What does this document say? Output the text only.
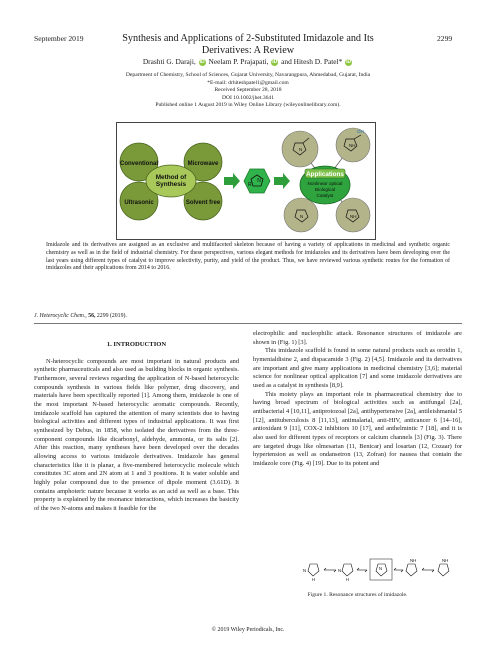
September 2019	Synthesis and Applications of 2-Substituted Imidazole and Its Derivatives: A Review
2299
Drashti G. Daraji, iD Neelam P. Prajapati, iD and Hitesh D. Patel* iD
Department of Chemistry, School of Sciences, Gujarat University, Navarangpura, Ahmedabad, Gujarat, India
*E-mail: drhiteshpatel1@gmail.com
Received September 28, 2018
DOI 10.1002/jhet.3641
Published online 1 August 2019 in Wiley Online Library (wileyonlinelibrary.com).
Conventional	Microwave
Ultrasonic	Solvent free
Method of
Synthesis	N
R
N
NH
N	NH
OH
Applications
Nonlinear optical
Biological
Catalyst
Imidazole and its derivatives are assigned as an exclusive and multifaceted skeleton because of having a variety of applications in medicinal and synthetic organic chemistry as well as in the field of industrial chemistry. For these perspectives, various elegant methods for imidazoles and its derivatives have been developing over the last years using different types of catalyst to improve selectivity, purity, and yield of the product. Thus, we have reviewed various synthetic routes for the formation of imidazoles and their applications from 2014 to 2016.
J. Heterocyclic Chem., 56, 2299 (2019).
1. INTRODUCTION

N-heterocyclic compounds are most important in natural products and synthetic pharmaceuticals and also used as building blocks in organic synthesis. Furthermore, several reviews regarding the application of N-based heterocyclic compounds synthesis in various fields like polymer, drug discovery, and materials have been specifically reported [1]. Among them, imidazole is one of the most important N-based heterocyclic aromatic compounds. Recently, imidazole scaffold has captured the attention of many scientists due to having biological activities and different types of industrial applications. It was first synthesized by Debus, in 1858, who isolated the derivatives from the three-component compounds like dicarbonyl, aldehyde, ammonia, or its salts [2]. After this reaction, many syntheses have been developed over the decades allowing access to various imidazole derivatives. Imidazole has general characteristics like it is planar, a five-membered heterocyclic molecule which constitutes 3C atom and 2N atom at 1 and 3 positions. It is water soluble and highly polar compound due to the presence of dipole moment (3.61D). It contains amphoteric nature because it works as an acid as well as a base. This property is explained by the resonance interactions, which increases the basicity of the two N-atoms and makes it feasible for the

electrophilic and nucleophilic attack. Resonance structures of imidazole are shown in (Fig. 1) [3].

This imidazole scaffold is found in some natural products such as oroidin 1, hymenialdisine 2, and dispacamide 3 (Fig. 2) [4,5]. Imidazole and its derivatives are important and give many applications in medicinal chemistry [3,6]; material science for nonlinear optical application [7] and some imidazole derivatives are used as a catalyst in synthesis [8,9].

This moiety plays an important role in pharmaceutical chemistry due to having broad spectrum of biological activities such as antifungal [2a], antibacterial 4 [10,11], antiprotozoal [2a], antihypertensive [2a], antileishmanial 5 [12], antituberculosis 8 [11,13], antimalarial, anti-HIV, anticancer 6 [14–16], antioxidant 9 [11], COX-2 inhibitors 10 [17], and anthelmintic 7 [18], and it is also used for different types of receptors or calcium channels [3] (Fig. 3). There are targeted drugs like olmesartan (11, Benicar) and losartan (12, Cozaar) for hypertension as well as ondansetron (13, Zofran) for nausea that contain the imidazole core (Fig. 4) [19]. Due to its potent and

N
H
N
H
N
NH	NH
Figure 1. Resonance structures of imidazole.
© 2019 Wiley Periodicals, Inc.
